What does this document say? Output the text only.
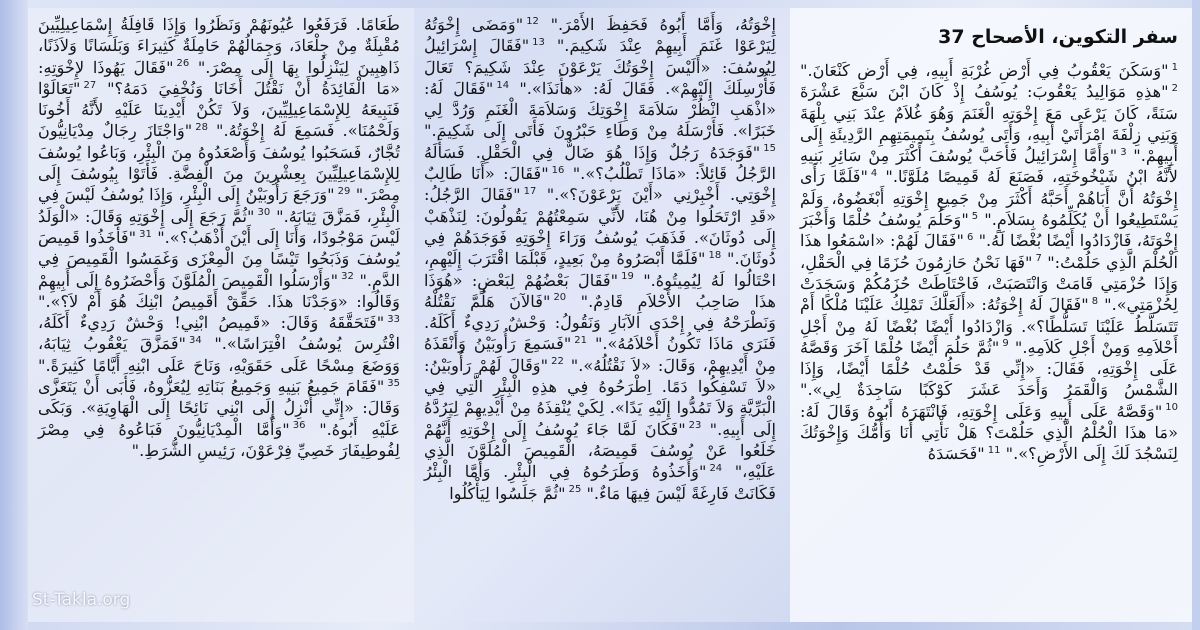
سفر التكوين، الأصحاح 37
$^1$"وَسَكَنَ يَعْقُوبُ فِي أَرْضِ غُرْبَةِ أَبِيهِ، فِي أَرْضِ كَنْعَانَ." $^2$"هذِهِ مَوَالِيدُ يَعْقُوبَ: يُوسُفُ إِذْ كَانَ ابْنَ سَبْعَ عَشْرَةَ سَنَةً، كَانَ يَرْعَى مَعَ إِخْوَتِهِ الْغَنَمَ وَهُوَ غُلاَمٌ عِنْدَ بَنِي بِلْهَةَ وَبَنِي زِلْفَةَ امْرَأَتَيْ أَبِيهِ، وَأَتَى يُوسُفُ بِنَمِيمَتِهِمِ الرَّدِيئَةِ إِلَى أَبِيهِمْ." $^3$"وَأَمَّا إِسْرَائِيلُ فَأَحَبَّ يُوسُفَ أَكْثَرَ مِنْ سَائِرِ بَنِيهِ لأَنَّهُ ابْنُ شَيْخُوخَتِهِ، فَصَنَعَ لَهُ قَمِيصًا مُلَوَّنًا." $^4$"فَلَمَّا رَأَى إِخْوَتُهُ أَنَّ أَبَاهُمْ أَحَبَّهُ أَكْثَرَ مِنْ جَمِيعِ إِخْوَتِهِ أَبْغَضُوهُ، وَلَمْ يَسْتَطِيعُوا أَنْ يُكَلِّمُوهُ بِسَلاَمٍ." $^5$"وَحَلُمَ يُوسُفُ حُلْمًا وَأَخْبَرَ إِخْوَتَهُ، فَازْدَادُوا أَيْضًا بُغْضًا لَهُ." $^6$"فَقَالَ لَهُمْ: «اسْمَعُوا هذَا الْحُلْمَ الَّذِي حَلُمْتُ:" $^7$"فَهَا نَحْنُ حَازِمُونَ حُزَمًا فِي الْحَقْلِ، وَإِذَا حُزْمَتِي قَامَتْ وَانْتَصَبَتْ، فَاحْتَاطَتْ حُزَمُكُمْ وَسَجَدَتْ لِحُزْمَتِي»." $^8$"فَقَالَ لَهُ إِخْوَتُهُ: «أَلَعَلَّكَ تَمْلِكُ عَلَيْنَا مُلْكًا أَمْ تَتَسَلَّطُ عَلَيْنَا تَسَلُّطًا؟». وَازْدَادُوا أَيْضًا بُغْضًا لَهُ مِنْ أَجْلِ أَحْلاَمِهِ وَمِنْ أَجْلِ كَلاَمِهِ." $^9$"ثُمَّ حَلُمَ أَيْضًا حُلْمًا آخَرَ وَقَصَّهُ عَلَى إِخْوَتِهِ، فَقَالَ: «إِنِّي قَدْ حَلُمْتُ حُلْمًا أَيْضًا، وَإِذَا الشَّمْسُ وَالْقَمَرُ وَأَحَدَ عَشَرَ كَوْكَبًا سَاجِدَةٌ لِي»." $^{10}$"وَقَصَّهُ عَلَى أَبِيهِ وَعَلَى إِخْوَتِهِ، فَانْتَهَرَهُ أَبُوهُ وَقَالَ لَهُ: «مَا هذَا الْحُلْمُ الَّذِي حَلُمْتَ؟ هَلْ نَأْتِي أَنَا وَأُمُّكَ وَإِخْوَتُكَ لِنَسْجُدَ لَكَ إِلَى الأَرْضِ؟»." $^{11}$"فَحَسَدَهُ
إِخْوَتُهُ، وَأَمَّا أَبُوهُ فَحَفِظَ الأَمْرَ." $^{12}$"وَمَضَى إِخْوَتُهُ لِيَرْعَوْا غَنَمَ أَبِيهِمْ عِنْدَ شَكِيمَ." $^{13}$"فَقَالَ إِسْرَائِيلُ لِيُوسُفَ: «أَلَيْسَ إِخْوَتُكَ يَرْعَوْنَ عِنْدَ شَكِيمَ؟ تَعَالَ فَأُرْسِلَكَ إِلَيْهِمْ». فَقَالَ لَهُ: «هأَنَذَا»." $^{14}$"فَقَالَ لَهُ: «اذْهَبِ انْظُرْ سَلاَمَةَ إِخْوَتِكَ وَسَلاَمَةَ الْغَنَمِ وَرُدَّ لِي خَبَرًا». فَأَرْسَلَهُ مِنْ وَطَاءِ حَبْرُونَ فَأَتَى إِلَى شَكِيمَ." $^{15}$"فَوَجَدَهُ رَجُلٌ وَإِذَا هُوَ ضَالٌّ فِي الْحَقْلِ. فَسَأَلَهُ الرَّجُلُ قَائِلاً: «مَاذَا تَطْلُبُ؟»." $^{16}$"فَقَالَ: «أَنَا طَالِبٌ إِخْوَتِي. أَخْبِرْنِي «أَيْنَ يَرْعَوْنَ؟»." $^{17}$"فَقَالَ الرَّجُلُ: «قَدِ ارْتَحَلُوا مِنْ هُنَا، لأَنِّي سَمِعْتُهُمْ يَقُولُونَ: لِنَذْهَبْ إِلَى دُوثَانَ». فَذَهَبَ يُوسُفُ وَرَاءَ إِخْوَتِهِ فَوَجَدَهُمْ فِي دُوثَانَ." $^{18}$"فَلَمَّا أَبْصَرُوهُ مِنْ بَعِيدٍ، قَبْلَمَا اقْتَرَبَ إِلَيْهِمِ، احْتَالُوا لَهُ لِيُمِيتُوهُ." $^{19}$"فَقَالَ بَعْضُهُمْ لِبَعْضٍ: «هُوَذَا هذَا صَاحِبُ الأَحْلاَمِ قَادِمٌ." $^{20}$"فَالآنَ هَلُمَّ نَقْتُلْهُ وَنَطْرَحْهُ فِي إِحْدَى الآبَارِ وَنَقُولُ: وَحْشٌ رَدِيءٌ أَكَلَهُ. فَنَرَى مَاذَا تَكُونُ أَحْلاَمُهُ»." $^{21}$"فَسَمِعَ رَأُوبَيْنُ وَأَنْقَذَهُ مِنْ أَيْدِيهِمْ، وَقَالَ: «لاَ نَقْتُلُهُ»." $^{22}$"وَقَالَ لَهُمْ رَأُوبَيْنُ: «لاَ تَسْفِكُوا دَمًا. اِطْرَحُوهُ فِي هذِهِ الْبِئْرِ الَّتِي فِي الْبَرِّيَّةِ وَلاَ تَمُدُّوا إِلَيْهِ يَدًا». لِكَيْ يُنْقِذَهُ مِنْ أَيْدِيهِمْ لِيَرُدَّهُ إِلَى أَبِيهِ." $^{23}$"فَكَانَ لَمَّا جَاءَ يُوسُفُ إِلَى إِخْوَتِهِ أَنَّهُمْ خَلَعُوا عَنْ يُوسُفَ قَمِيصَهُ، الْقَمِيصَ الْمُلَوَّنَ الَّذِي عَلَيْهِ،" $^{24}$"وَأَخَذُوهُ وَطَرَحُوهُ فِي الْبِئْرِ. وَأَمَّا الْبِئْرُ فَكَانَتْ فَارِغَةً لَيْسَ فِيهَا مَاءٌ." $^{25}$"ثُمَّ جَلَسُوا لِيَأْكُلُوا
طَعَامًا. فَرَفَعُوا عُيُونَهُمْ وَنَظَرُوا وَإِذَا قَافِلَةُ إِسْمَاعِيلِيِّينَ مُقْبِلَةٌ مِنْ جِلْعَادَ، وَجِمَالُهُمْ حَامِلَةٌ كَثِيرَاءَ وَبَلَسَانًا وَلاَذَنًا، ذَاهِبِينَ لِيَنْزِلُوا بِهَا إِلَى مِصْرَ." $^{26}$"فَقَالَ يَهُوذَا لإِخْوَتِهِ: «مَا الْفَائِدَةُ أَنْ نَقْتُلَ أَخَانَا وَنُخْفِيَ دَمَهُ؟" $^{27}$"تَعَالَوْا فَنَبِيعَهُ لِلإِسْمَاعِيلِيِّينَ، وَلاَ تَكُنْ أَيْدِينَا عَلَيْهِ لأَنَّهُ أَخُونَا وَلَحْمُنَا». فَسَمِعَ لَهُ إِخْوَتُهُ." $^{28}$"وَاجْتَازَ رِجَالٌ مِدْيَانِيُّونَ تُجَّارٌ، فَسَحَبُوا يُوسُفَ وَأَصْعَدُوهُ مِنَ الْبِئْرِ، وَبَاعُوا يُوسُفَ لِلإِسْمَاعِيلِيِّينَ بِعِشْرِينَ مِنَ الْفِضَّةِ. فَأَتَوْا بِيُوسُفَ إِلَى مِصْرَ." $^{29}$"وَرَجَعَ رَأُوبَيْنُ إِلَى الْبِئْرِ، وَإِذَا يُوسُفُ لَيْسَ فِي الْبِئْرِ، فَمَزَّقَ ثِيَابَهُ." $^{30}$"ثُمَّ رَجَعَ إِلَى إِخْوَتِهِ وَقَالَ: «الْوَلَدُ لَيْسَ مَوْجُودًا، وَأَنَا إِلَى أَيْنَ أَذْهَبُ؟»." $^{31}$"فَأَخَذُوا قَمِيصَ يُوسُفَ وَذَبَحُوا تَيْسًا مِنَ الْمِعْزَى وَغَمَسُوا الْقَمِيصَ فِي الدَّمِ." $^{32}$"وَأَرْسَلُوا الْقَمِيصَ الْمُلَوَّنَ وَأَحْضَرُوهُ إِلَى أَبِيهِمْ وَقَالُوا: «وَجَدْنَا هذَا. حَقِّقْ أَقَمِيصُ ابْنِكَ هُوَ أَمْ لاَ؟»." $^{33}$"فَتَحَقَّقَهُ وَقَالَ: «قَمِيصُ ابْنِي! وَحْشٌ رَدِيءٌ أَكَلَهُ، افْتُرِسَ يُوسُفُ افْتِرَاسًا»." $^{34}$"فَمَزَّقَ يَعْقُوبُ ثِيَابَهُ، وَوَضَعَ مِسْحًا عَلَى حَقَوَيْهِ، وَنَاحَ عَلَى ابْنِهِ أَيَّامًا كَثِيرَةً." $^{35}$"فَقَامَ جَمِيعُ بَنِيهِ وَجَمِيعُ بَنَاتِهِ لِيُعَزُّوهُ، فَأَبَى أَنْ يَتَعَزَّى وَقَالَ: «إِنِّي أَنْزِلُ إِلَى ابْنِي نَائِحًا إِلَى الْهَاوِيَةِ». وَبَكَى عَلَيْهِ أَبُوهُ." $^{36}$"وَأَمَّا الْمِدْيَانِيُّونَ فَبَاعُوهُ فِي مِصْرَ لِفُوطِيفَارَ خَصِيِّ فِرْعَوْنَ، رَئِيسِ الشُّرَطِ."
St-Takla.org
